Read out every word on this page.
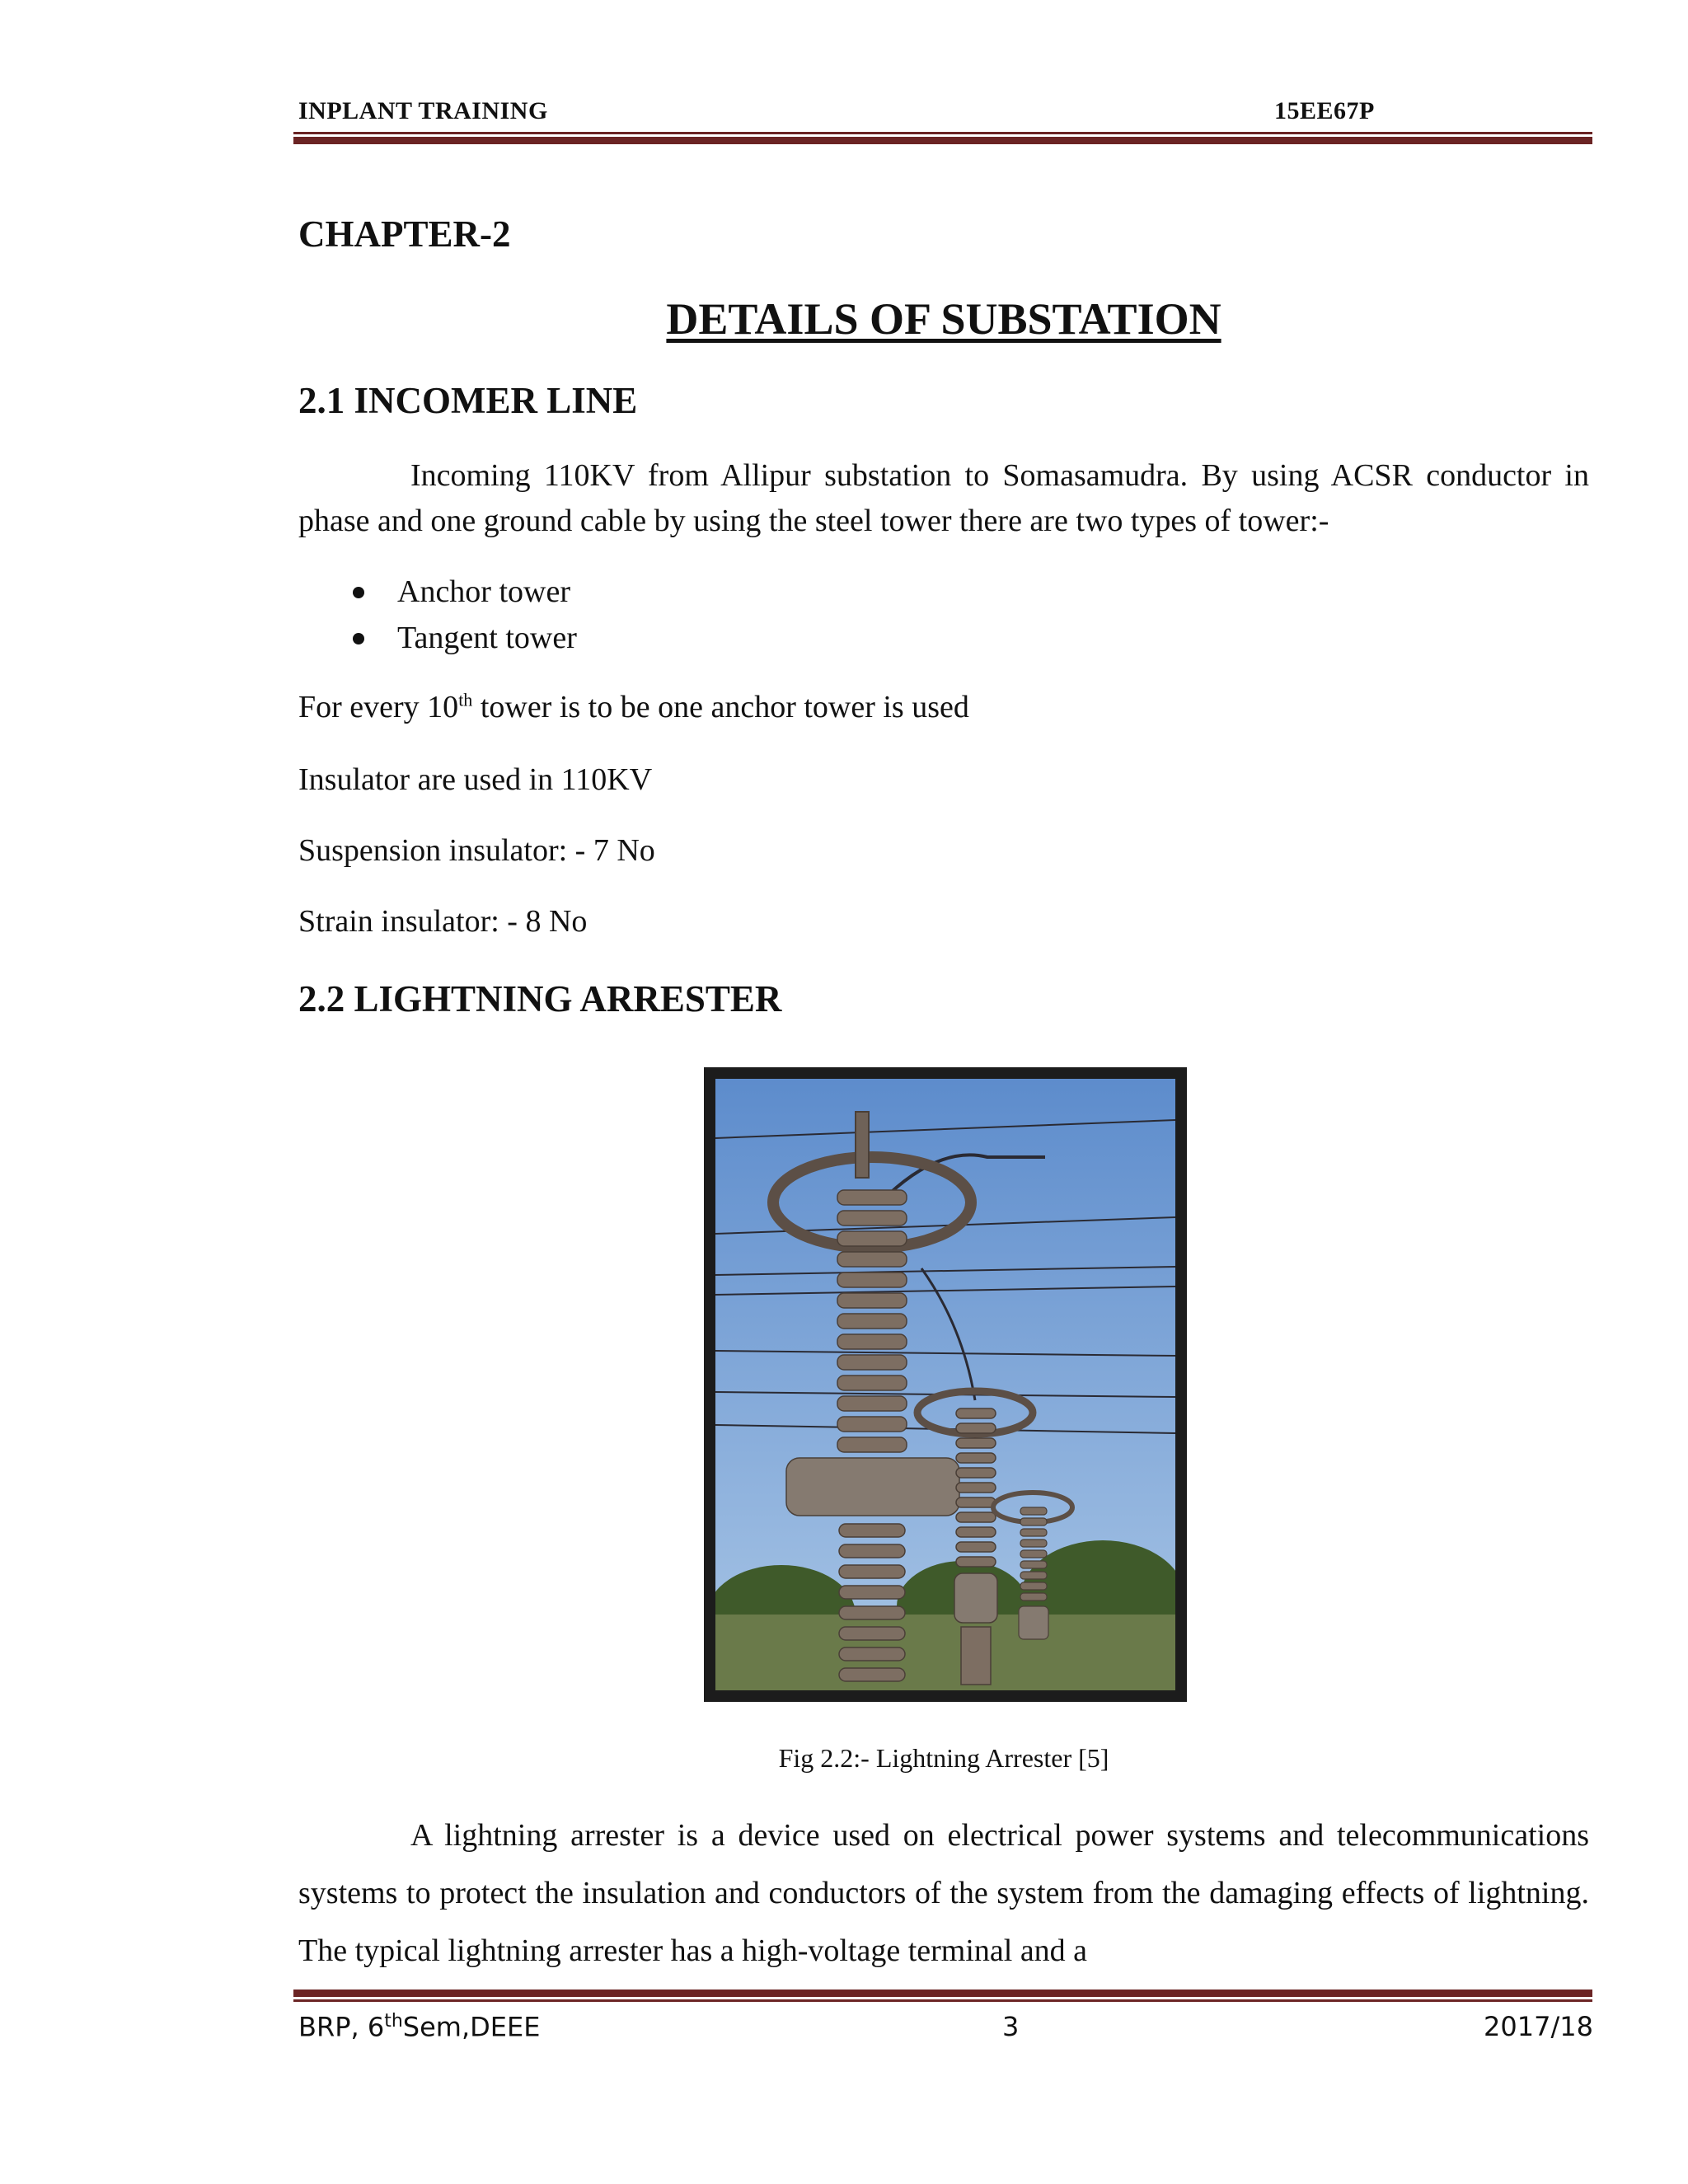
INPLANT TRAINING	15EE67P
CHAPTER-2
DETAILS OF SUBSTATION
2.1 INCOMER LINE
Incoming 110KV from Allipur substation to Somasamudra. By using ACSR conductor in phase and one ground cable by using the steel tower there are two types of tower:-
Anchor tower
Tangent tower
For every 10th tower is to be one anchor tower is used
Insulator are used in 110KV
Suspension insulator: - 7 No
Strain insulator: - 8 No
2.2 LIGHTNING ARRESTER
Fig 2.2:- Lightning Arrester [5]
A lightning arrester is a device used on electrical power systems and telecommunications systems to protect the insulation and conductors of the system from the damaging effects of lightning. The typical lightning arrester has a high-voltage terminal and a
BRP, 6thSem,DEEE	3	2017/18
